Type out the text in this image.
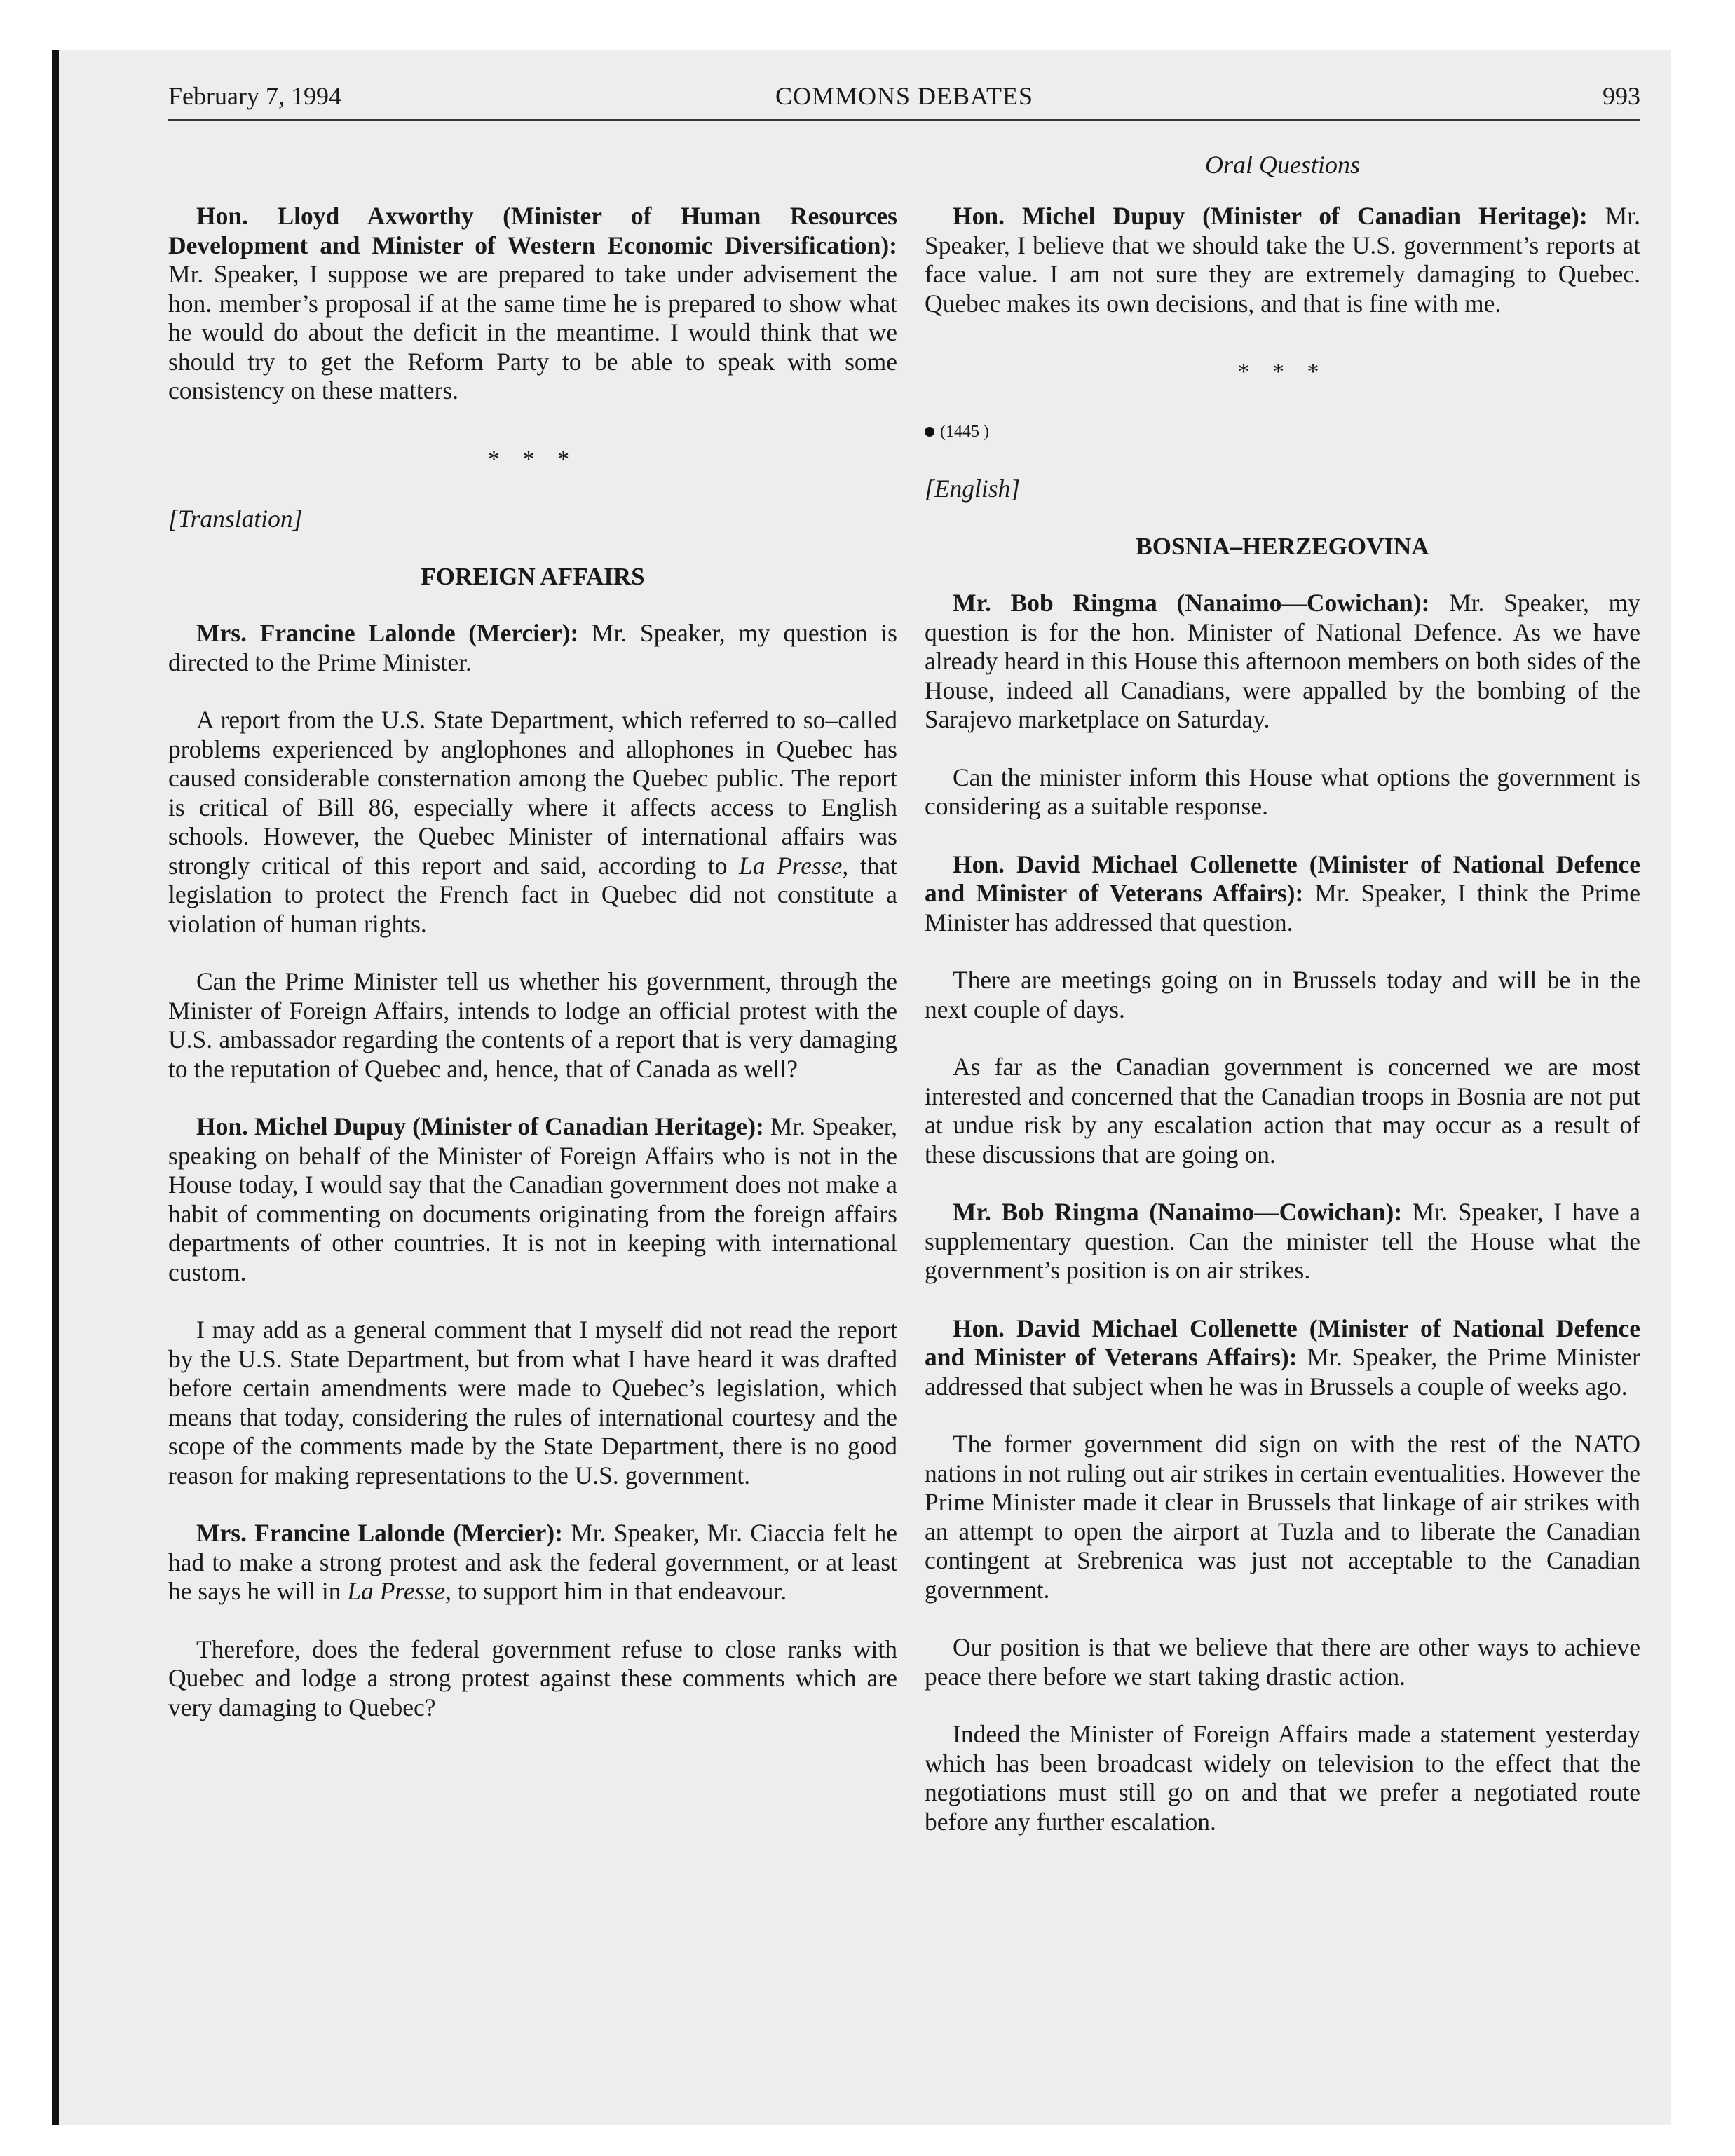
February 7, 1994	COMMONS DEBATES	993
Oral Questions

Hon. Lloyd Axworthy (Minister of Human Resources Development and Minister of Western Economic Diversification): Mr. Speaker, I suppose we are prepared to take under advisement the hon. member’s proposal if at the same time he is prepared to show what he would do about the deficit in the meantime. I would think that we should try to get the Reform Party to be able to speak with some consistency on these matters.

* * *
[Translation]
FOREIGN AFFAIRS

Mrs. Francine Lalonde (Mercier): Mr. Speaker, my question is directed to the Prime Minister.

A report from the U.S. State Department, which referred to so–called problems experienced by anglophones and allophones in Quebec has caused considerable consternation among the Quebec public. The report is critical of Bill 86, especially where it affects access to English schools. However, the Quebec Minister of international affairs was strongly critical of this report and said, according to La Presse, that legislation to protect the French fact in Quebec did not constitute a violation of human rights.

Can the Prime Minister tell us whether his government, through the Minister of Foreign Affairs, intends to lodge an official protest with the U.S. ambassador regarding the contents of a report that is very damaging to the reputation of Quebec and, hence, that of Canada as well?

Hon. Michel Dupuy (Minister of Canadian Heritage): Mr. Speaker, speaking on behalf of the Minister of Foreign Affairs who is not in the House today, I would say that the Canadian government does not make a habit of commenting on documents originating from the foreign affairs departments of other countries. It is not in keeping with international custom.

I may add as a general comment that I myself did not read the report by the U.S. State Department, but from what I have heard it was drafted before certain amendments were made to Quebec’s legislation, which means that today, considering the rules of international courtesy and the scope of the comments made by the State Department, there is no good reason for making representations to the U.S. government.

Mrs. Francine Lalonde (Mercier): Mr. Speaker, Mr. Ciaccia felt he had to make a strong protest and ask the federal government, or at least he says he will in La Presse, to support him in that endeavour.

Therefore, does the federal government refuse to close ranks with Quebec and lodge a strong protest against these comments which are very damaging to Quebec?

Hon. Michel Dupuy (Minister of Canadian Heritage): Mr. Speaker, I believe that we should take the U.S. government’s reports at face value. I am not sure they are extremely damaging to Quebec. Quebec makes its own decisions, and that is fine with me.

* * *
(1445 )
[English]
BOSNIA–HERZEGOVINA

Mr. Bob Ringma (Nanaimo—Cowichan): Mr. Speaker, my question is for the hon. Minister of National Defence. As we have already heard in this House this afternoon members on both sides of the House, indeed all Canadians, were appalled by the bombing of the Sarajevo marketplace on Saturday.

Can the minister inform this House what options the government is considering as a suitable response.

Hon. David Michael Collenette (Minister of National Defence and Minister of Veterans Affairs): Mr. Speaker, I think the Prime Minister has addressed that question.

There are meetings going on in Brussels today and will be in the next couple of days.

As far as the Canadian government is concerned we are most interested and concerned that the Canadian troops in Bosnia are not put at undue risk by any escalation action that may occur as a result of these discussions that are going on.

Mr. Bob Ringma (Nanaimo—Cowichan): Mr. Speaker, I have a supplementary question. Can the minister tell the House what the government’s position is on air strikes.

Hon. David Michael Collenette (Minister of National Defence and Minister of Veterans Affairs): Mr. Speaker, the Prime Minister addressed that subject when he was in Brussels a couple of weeks ago.

The former government did sign on with the rest of the NATO nations in not ruling out air strikes in certain eventualities. However the Prime Minister made it clear in Brussels that linkage of air strikes with an attempt to open the airport at Tuzla and to liberate the Canadian contingent at Srebrenica was just not acceptable to the Canadian government.

Our position is that we believe that there are other ways to achieve peace there before we start taking drastic action.

Indeed the Minister of Foreign Affairs made a statement yesterday which has been broadcast widely on television to the effect that the negotiations must still go on and that we prefer a negotiated route before any further escalation.
